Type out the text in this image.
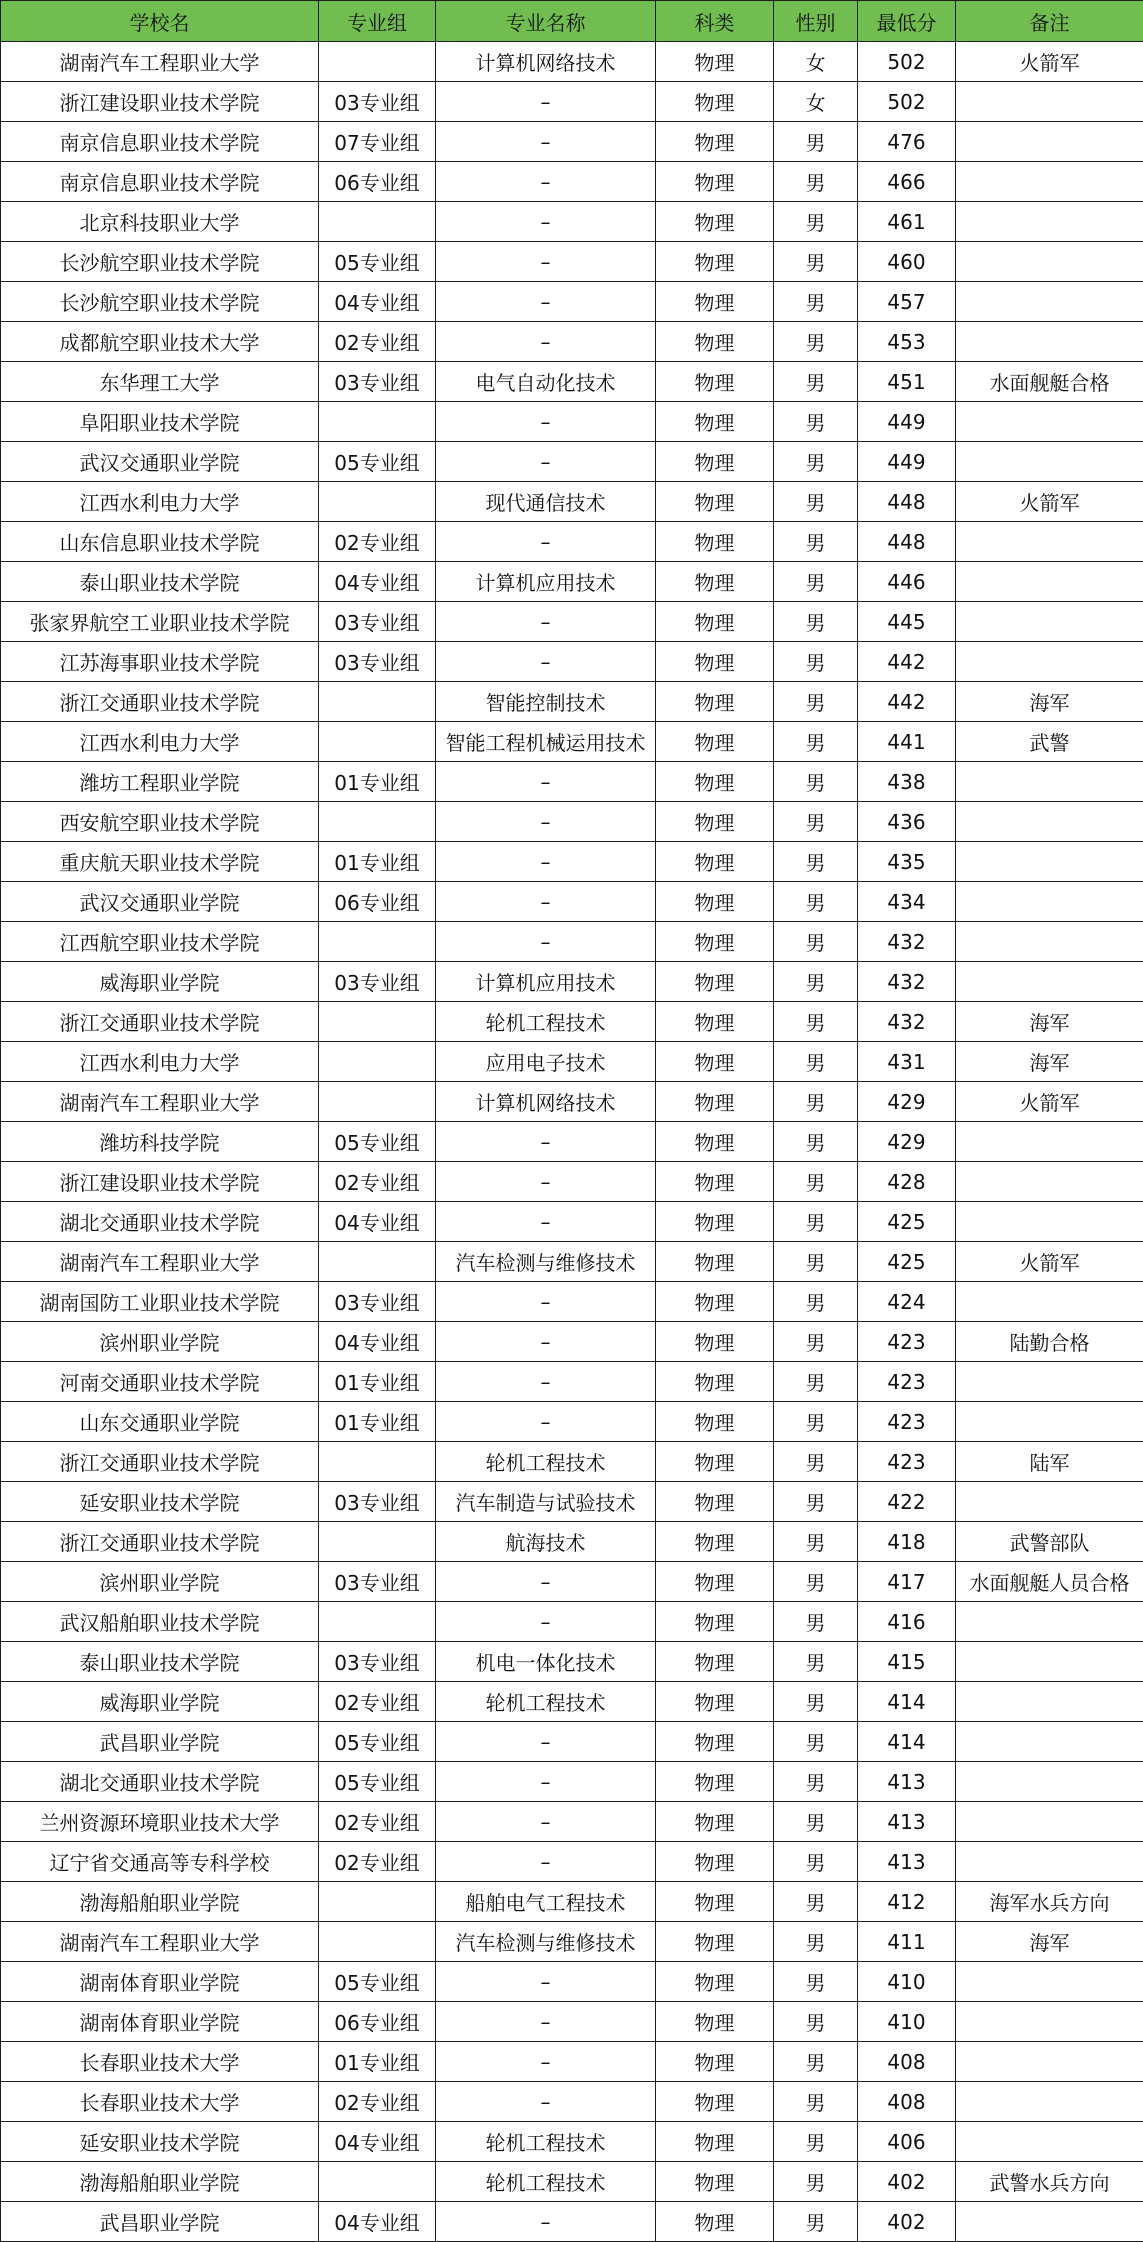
学校名	专业组	专业名称	科类	性别	最低分	备注
湖南汽车工程职业大学		计算机网络技术	物理	女	502	火箭军
浙江建设职业技术学院	03专业组	–	物理	女	502	
南京信息职业技术学院	07专业组	–	物理	男	476	
南京信息职业技术学院	06专业组	–	物理	男	466	
北京科技职业大学		–	物理	男	461	
长沙航空职业技术学院	05专业组	–	物理	男	460	
长沙航空职业技术学院	04专业组	–	物理	男	457	
成都航空职业技术大学	02专业组	–	物理	男	453	
东华理工大学	03专业组	电气自动化技术	物理	男	451	水面舰艇合格
阜阳职业技术学院		–	物理	男	449	
武汉交通职业学院	05专业组	–	物理	男	449	
江西水利电力大学		现代通信技术	物理	男	448	火箭军
山东信息职业技术学院	02专业组	–	物理	男	448	
泰山职业技术学院	04专业组	计算机应用技术	物理	男	446	
张家界航空工业职业技术学院	03专业组	–	物理	男	445	
江苏海事职业技术学院	03专业组	–	物理	男	442	
浙江交通职业技术学院		智能控制技术	物理	男	442	海军
江西水利电力大学		智能工程机械运用技术	物理	男	441	武警
潍坊工程职业学院	01专业组	–	物理	男	438	
西安航空职业技术学院		–	物理	男	436	
重庆航天职业技术学院	01专业组	–	物理	男	435	
武汉交通职业学院	06专业组	–	物理	男	434	
江西航空职业技术学院		–	物理	男	432	
威海职业学院	03专业组	计算机应用技术	物理	男	432	
浙江交通职业技术学院		轮机工程技术	物理	男	432	海军
江西水利电力大学		应用电子技术	物理	男	431	海军
湖南汽车工程职业大学		计算机网络技术	物理	男	429	火箭军
潍坊科技学院	05专业组	–	物理	男	429	
浙江建设职业技术学院	02专业组	–	物理	男	428	
湖北交通职业技术学院	04专业组	–	物理	男	425	
湖南汽车工程职业大学		汽车检测与维修技术	物理	男	425	火箭军
湖南国防工业职业技术学院	03专业组	–	物理	男	424	
滨州职业学院	04专业组	–	物理	男	423	陆勤合格
河南交通职业技术学院	01专业组	–	物理	男	423	
山东交通职业学院	01专业组	–	物理	男	423	
浙江交通职业技术学院		轮机工程技术	物理	男	423	陆军
延安职业技术学院	03专业组	汽车制造与试验技术	物理	男	422	
浙江交通职业技术学院		航海技术	物理	男	418	武警部队
滨州职业学院	03专业组	–	物理	男	417	水面舰艇人员合格
武汉船舶职业技术学院		–	物理	男	416	
泰山职业技术学院	03专业组	机电一体化技术	物理	男	415	
威海职业学院	02专业组	轮机工程技术	物理	男	414	
武昌职业学院	05专业组	–	物理	男	414	
湖北交通职业技术学院	05专业组	–	物理	男	413	
兰州资源环境职业技术大学	02专业组	–	物理	男	413	
辽宁省交通高等专科学校	02专业组	–	物理	男	413	
渤海船舶职业学院		船舶电气工程技术	物理	男	412	海军水兵方向
湖南汽车工程职业大学		汽车检测与维修技术	物理	男	411	海军
湖南体育职业学院	05专业组	–	物理	男	410	
湖南体育职业学院	06专业组	–	物理	男	410	
长春职业技术大学	01专业组	–	物理	男	408	
长春职业技术大学	02专业组	–	物理	男	408	
延安职业技术学院	04专业组	轮机工程技术	物理	男	406	
渤海船舶职业学院		轮机工程技术	物理	男	402	武警水兵方向
武昌职业学院	04专业组	–	物理	男	402	
